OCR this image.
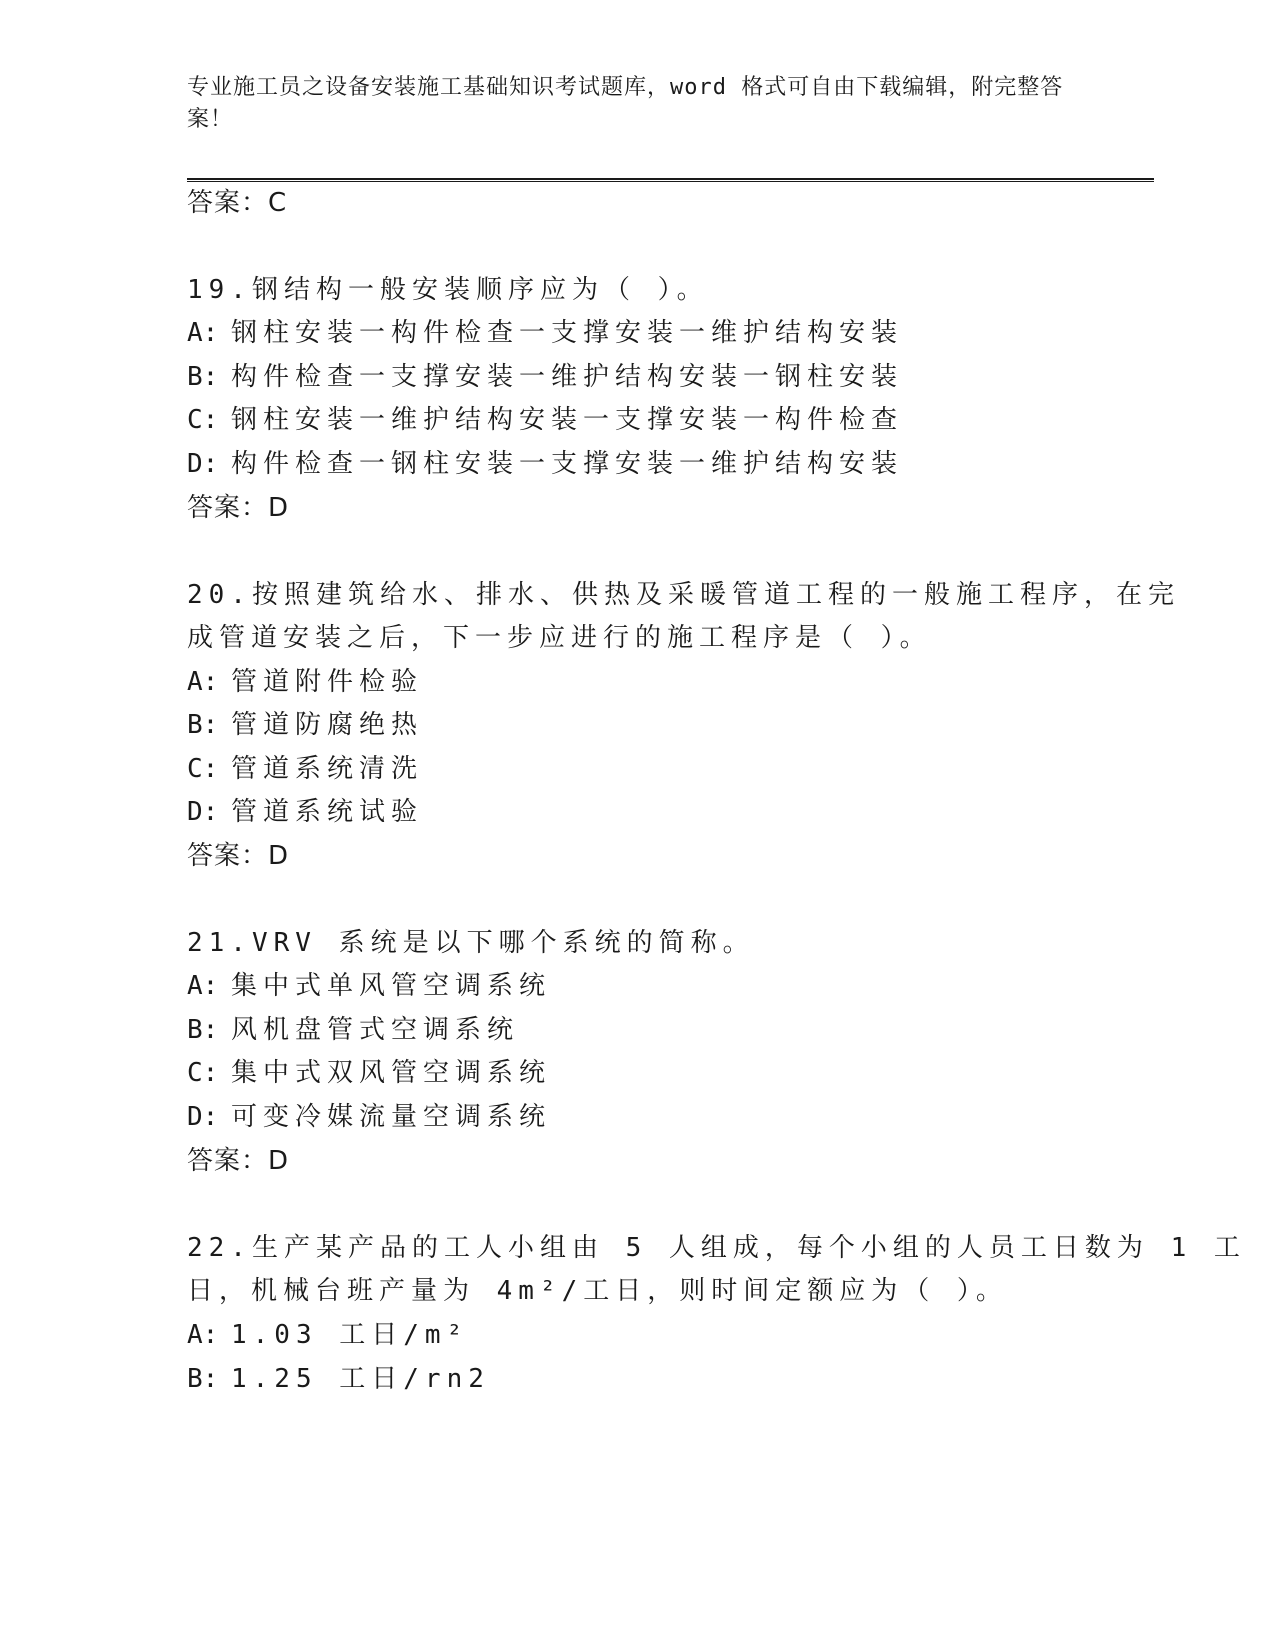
专业施工员之设备安装施工基础知识考试题库，word 格式可自由下载编辑，附完整答案！
答案：C
19.钢结构一般安装顺序应为（ ）。
A: 钢柱安装一构件检查一支撑安装一维护结构安装
B: 构件检查一支撑安装一维护结构安装一钢柱安装
C: 钢柱安装一维护结构安装一支撑安装一构件检查
D: 构件检查一钢柱安装一支撑安装一维护结构安装
答案：D
20.按照建筑给水、排水、供热及采暖管道工程的一般施工程序，在完
成管道安装之后，下一步应进行的施工程序是（ ）。
A: 管道附件检验
B: 管道防腐绝热
C: 管道系统清洗
D: 管道系统试验
答案：D
21.VRV 系统是以下哪个系统的简称。
A: 集中式单风管空调系统
B: 风机盘管式空调系统
C: 集中式双风管空调系统
D: 可变冷媒流量空调系统
答案：D
22.生产某产品的工人小组由 5 人组成，每个小组的人员工日数为 1 工
日，机械台班产量为 4m²/工日，则时间定额应为（ ）。
A: 1.03 工日/m²
B: 1.25 工日/rn2
